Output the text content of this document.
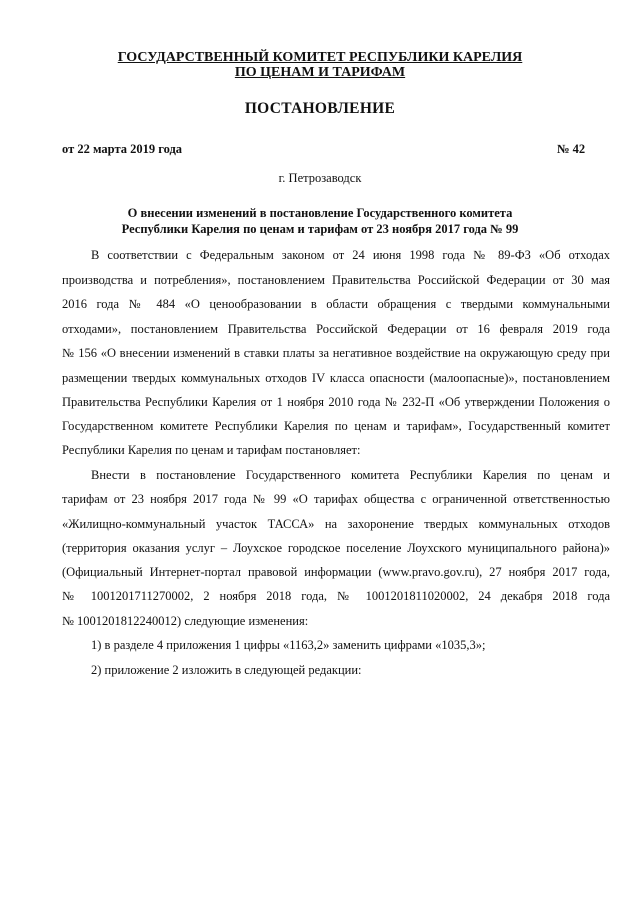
ГОСУДАРСТВЕННЫЙ КОМИТЕТ РЕСПУБЛИКИ КАРЕЛИЯ
ПО ЦЕНАМ И ТАРИФАМ
ПОСТАНОВЛЕНИЕ
от 22 марта 2019 года	№ 42
г. Петрозаводск
О внесении изменений в постановление Государственного комитета
Республики Карелия по ценам и тарифам от 23 ноября 2017 года № 99
В соответствии с Федеральным законом от 24 июня 1998 года № 89-ФЗ «Об отходах
производства и потребления», постановлением Правительства Российской Федерации от 30 мая
2016 года № 484 «О ценообразовании в области обращения с твердыми коммунальными
отходами», постановлением Правительства Российской Федерации от 16 февраля 2019 года
№ 156 «О внесении изменений в ставки платы за негативное воздействие на окружающую среду при
размещении твердых коммунальных отходов IV класса опасности (малоопасные)», постановлением
Правительства Республики Карелия от 1 ноября 2010 года № 232-П «Об утверждении Положения о
Государственном комитете Республики Карелия по ценам и тарифам», Государственный комитет
Республики Карелия по ценам и тарифам постановляет:
Внести в постановление Государственного комитета Республики Карелия по ценам и
тарифам от 23 ноября 2017 года № 99 «О тарифах общества с ограниченной ответственностью
«Жилищно-коммунальный участок ТАССА» на захоронение твердых коммунальных отходов
(территория оказания услуг – Лоухское городское поселение Лоухского муниципального района)»
(Официальный Интернет-портал правовой информации (www.pravo.gov.ru), 27 ноября 2017 года,
№ 1001201711270002, 2 ноября 2018 года, № 1001201811020002, 24 декабря 2018 года
№ 1001201812240012) следующие изменения:
1) в разделе 4 приложения 1 цифры «1163,2» заменить цифрами «1035,3»;
2) приложение 2 изложить в следующей редакции:
